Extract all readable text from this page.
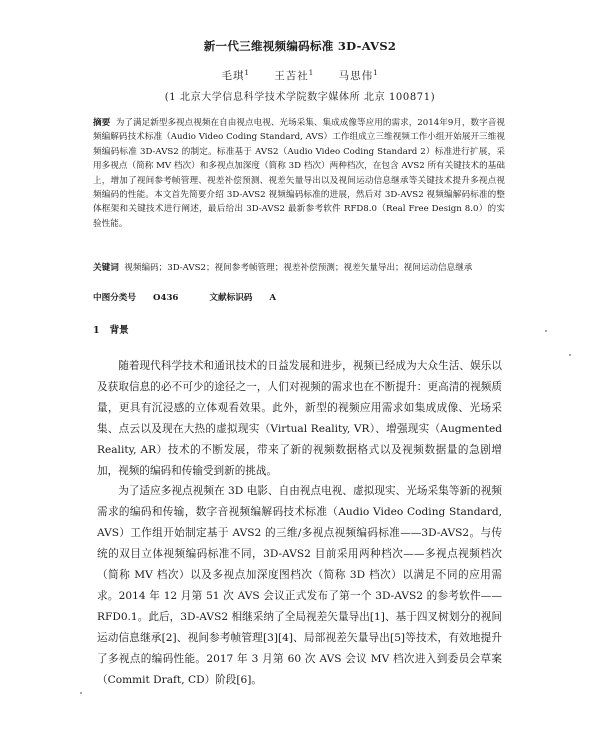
新一代三维视频编码标准 3D-AVS2
毛琪$^1$ 王苫社$^1$ 马思伟$^1$
(1 北京大学信息科学技术学院数字媒体所 北京 100871)
摘要 为了满足新型多视点视频在自由视点电视、光场采集、集成成像等应用的需求，2014年9月，数字音视频编解码技术标准（Audio Video Coding Standard, AVS）工作组成立三维视频工作小组开始展开三维视频编码标准 3D-AVS2 的制定。标准基于 AVS2（Audio Video Coding Standard 2）标准进行扩展，采用多视点（简称 MV 档次）和多视点加深度（简称 3D 档次）两种档次，在包含 AVS2 所有关键技术的基础上，增加了视间参考帧管理、视差补偿预测、视差矢量导出以及视间运动信息继承等关键技术提升多视点视频编码的性能。本文首先简要介绍 3D-AVS2 视频编码标准的进展，然后对 3D-AVS2 视频编解码标准的整体框架和关键技术进行阐述，最后给出 3D-AVS2 最新参考软件 RFD8.0（Real Free Design 8.0）的实验性能。
关键词 视频编码；3D-AVS2；视间参考帧管理；视差补偿预测；视差矢量导出；视间运动信息继承
中图分类号 O436	文献标识码 A
1 背景

随着现代科学技术和通讯技术的日益发展和进步，视频已经成为大众生活、娱乐以及获取信息的必不可少的途径之一，人们对视频的需求也在不断提升：更高清的视频质量，更具有沉浸感的立体观看效果。此外，新型的视频应用需求如集成成像、光场采集、点云以及现在大热的虚拟现实（Virtual Reality, VR）、增强现实（Augmented Reality, AR）技术的不断发展，带来了新的视频数据格式以及视频数据量的急剧增加，视频的编码和传输受到新的挑战。

为了适应多视点视频在 3D 电影、自由视点电视、虚拟现实、光场采集等新的视频需求的编码和传输，数字音视频编解码技术标准（Audio Video Coding Standard, AVS）工作组开始制定基于 AVS2 的三维/多视点视频编码标准——3D-AVS2。与传统的双目立体视频编码标准不同，3D-AVS2 目前采用两种档次——多视点视频档次（简称 MV 档次）以及多视点加深度图档次（简称 3D 档次）以满足不同的应用需求。2014 年 12 月第 51 次 AVS 会议正式发布了第一个 3D-AVS2 的参考软件——RFD0.1。此后，3D-AVS2 相继采纳了全局视差矢量导出[1]、基于四叉树划分的视间运动信息继承[2]、视间参考帧管理[3][4]、局部视差矢量导出[5]等技术，有效地提升了多视点的编码性能。2017 年 3 月第 60 次 AVS 会议 MV 档次进入到委员会草案（Commit Draft, CD）阶段[6]。
